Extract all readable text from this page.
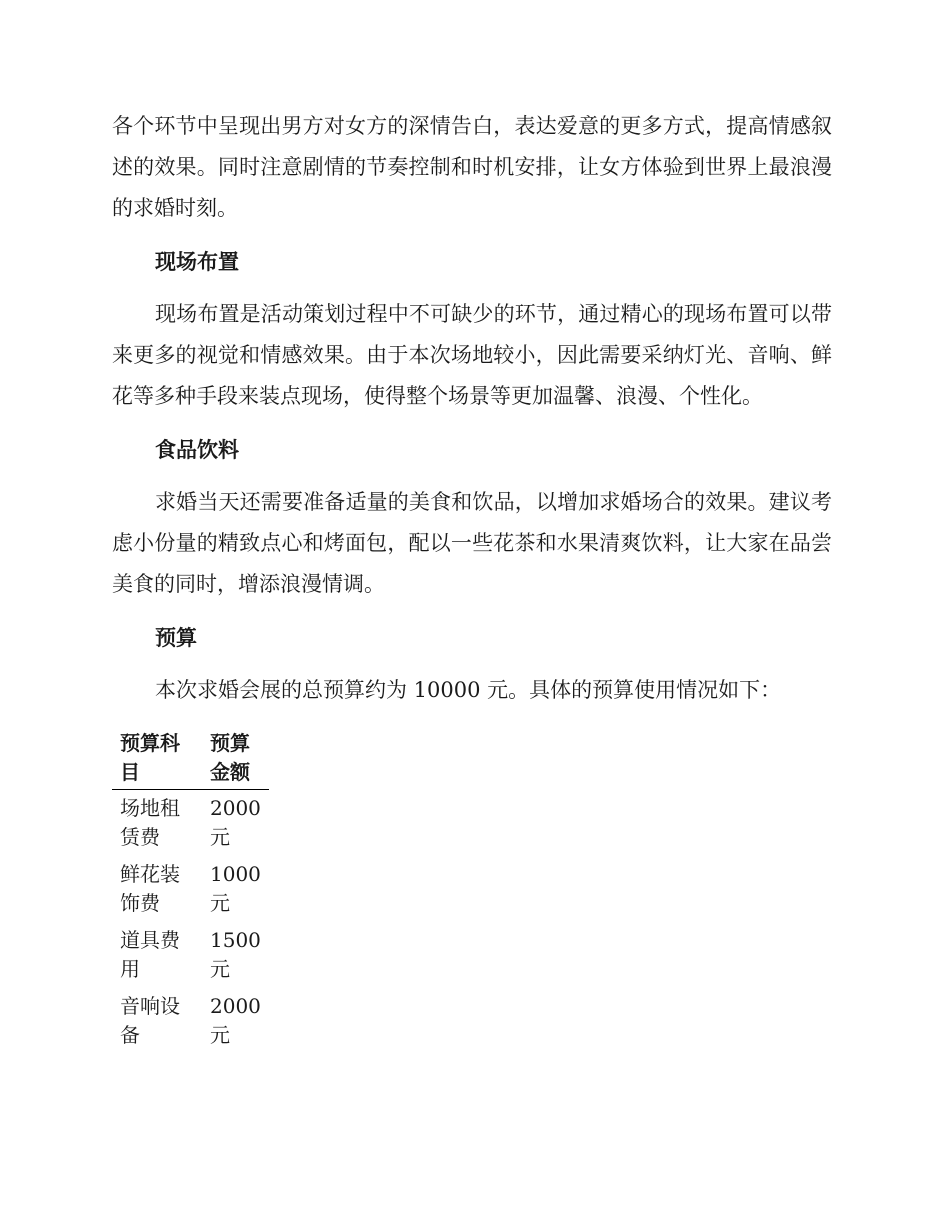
各个环节中呈现出男方对女方的深情告白，表达爱意的更多方式，提高情感叙述的效果。同时注意剧情的节奏控制和时机安排，让女方体验到世界上最浪漫的求婚时刻。

现场布置

现场布置是活动策划过程中不可缺少的环节，通过精心的现场布置可以带来更多的视觉和情感效果。由于本次场地较小，因此需要采纳灯光、音响、鲜花等多种手段来装点现场，使得整个场景等更加温馨、浪漫、个性化。

食品饮料

求婚当天还需要准备适量的美食和饮品，以增加求婚场合的效果。建议考虑小份量的精致点心和烤面包，配以一些花茶和水果清爽饮料，让大家在品尝美食的同时，增添浪漫情调。

预算

本次求婚会展的总预算约为 10000 元。具体的预算使用情况如下：

预算科目	预算金额
场地租赁费	2000 元
鲜花装饰费	1000 元
道具费用	1500 元
音响设备	2000 元
